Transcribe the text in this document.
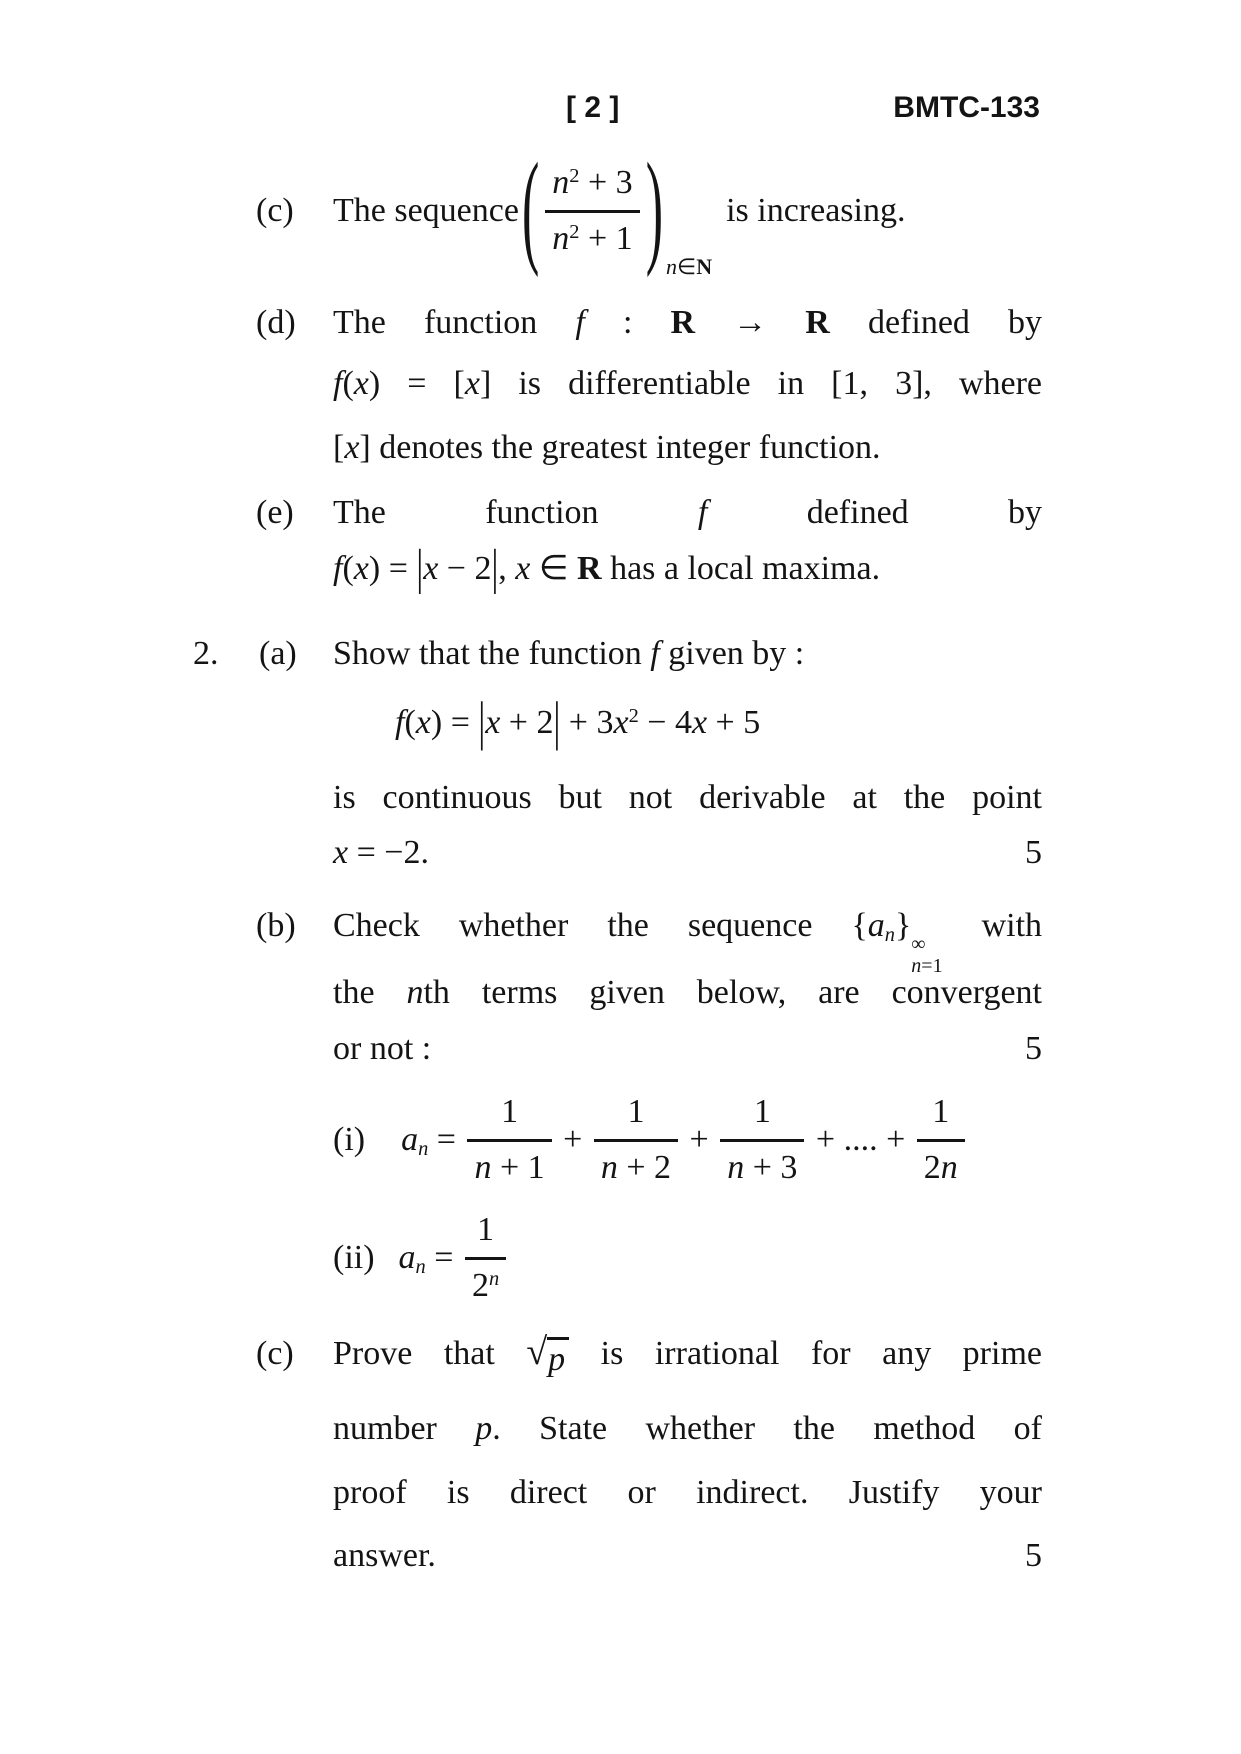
[ 2 ]	BMTC-133
(c) The sequence ( $\frac{n^2 + 3}{n^2 + 1}$ ) n∈N
is increasing.
(d) The function f : R → R defined by
f(x) = [x] is differentiable in [1, 3], where
[x] denotes the greatest integer function.
(e) The function	f	defined by
f(x) = | x − 2 | , x ∈ R has a local maxima.
2. (a) Show that the function f given by :
f(x) = | x + 2 | + $3x^2 - 4x + 5$
is continuous but not derivable at the point
x = −2.	5
(b) Check whether the sequence $\{a_n\}$ ∞
n=1
with
the nth terms given below, are convergent
or not :	5
(i) $a_n = \frac{1}{n + 1} + \frac{1}{n + 2} + \frac{1}{n + 3}$ + .... + $\frac{1}{2n}$
(ii) $a_n = \frac{1}{2^n}$
(c) Prove that √ p is irrational for any prime
number p. State whether the method of
proof is direct or indirect. Justify your
answer.	5
